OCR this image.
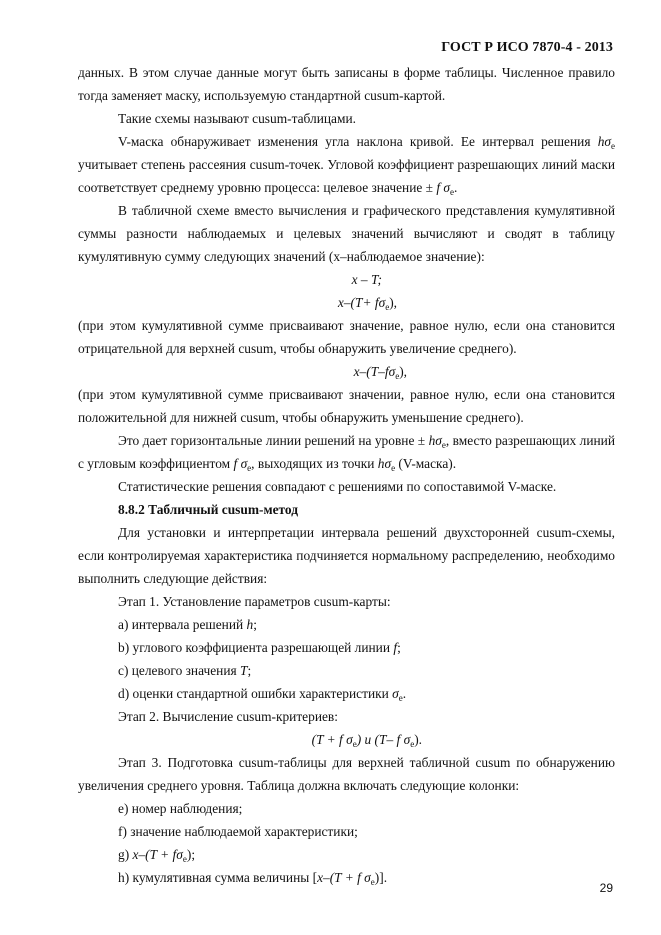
ГОСТ Р ИСО 7870-4 - 2013

данных. В этом случае данные могут быть записаны в форме таблицы. Численное правило тогда заменяет маску, используемую стандартной cusum-картой.

Такие схемы называют cusum-таблицами.

V-маска обнаруживает изменения угла наклона кривой. Ее интервал решения $h\sigma_e$ учитывает степень рассеяния cusum-точек. Угловой коэффициент разрешающих линий маски соответствует среднему уровню процесса: целевое значение ± f $\sigma_e$.

В табличной схеме вместо вычисления и графического представления кумулятивной суммы разности наблюдаемых и целевых значений вычисляют и сводят в таблицу кумулятивную сумму следующих значений (x–наблюдаемое значение):

x – T;

$x-(T+ f\sigma_e)$,

(при этом кумулятивной сумме присваивают значение, равное нулю, если она становится отрицательной для верхней cusum, чтобы обнаружить увеличение среднего).

$x-(T-f\sigma_e)$,

(при этом кумулятивной сумме присваивают значении, равное нулю, если она становится положительной для нижней cusum, чтобы обнаружить уменьшение среднего).

Это дает горизонтальные линии решений на уровне ± $h\sigma_e$, вместо разрешающих линий с угловым коэффициентом f $\sigma_e$, выходящих из точки $h\sigma_e$ (V-маска).

Статистические решения совпадают с решениями по сопоставимой V-маске.

8.8.2 Табличный cusum-метод

Для установки и интерпретации интервала решений двухсторонней cusum-схемы, если контролируемая характеристика подчиняется нормальному распределению, необходимо выполнить следующие действия:

Этап 1. Установление параметров cusum-карты:

a) интервала решений h;

b) углового коэффициента разрешающей линии f;

c) целевого значения T;

d) оценки стандартной ошибки характеристики $\sigma_e$.

Этап 2. Вычисление cusum-критериев:

(T + f $\sigma_e$) и (T– f $\sigma_e$).

Этап 3. Подготовка cusum-таблицы для верхней табличной cusum по обнаружению увеличения среднего уровня. Таблица должна включать следующие колонки:

e) номер наблюдения;

f) значение наблюдаемой характеристики;

g) $x-(T + f\sigma_e)$;

h) кумулятивная сумма величины [x–(T + f $\sigma_e$)].

29
